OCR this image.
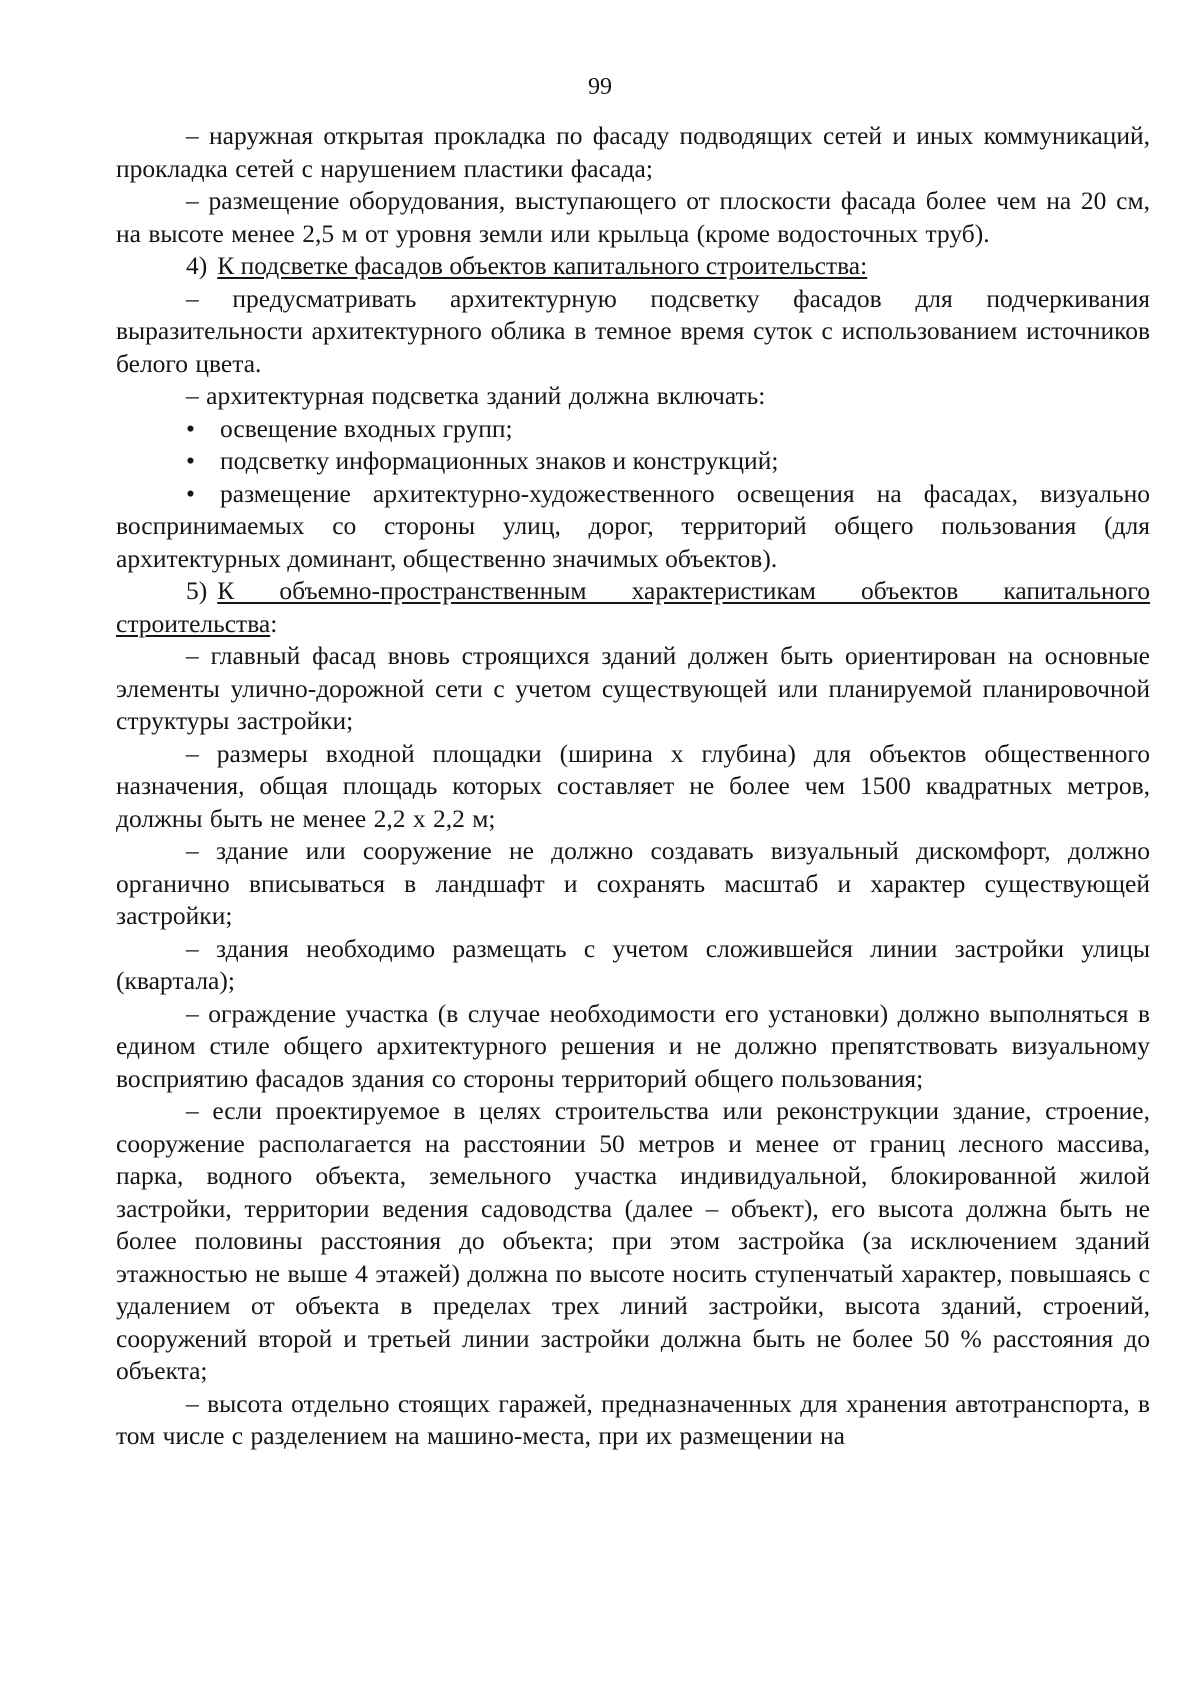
99

– наружная открытая прокладка по фасаду подводящих сетей и иных коммуникаций, прокладка сетей с нарушением пластики фасада;

– размещение оборудования, выступающего от плоскости фасада более чем на 20 см, на высоте менее 2,5 м от уровня земли или крыльца (кроме водосточных труб).

4) К подсветке фасадов объектов капитального строительства:

– предусматривать архитектурную подсветку фасадов для подчеркивания выразительности архитектурного облика в темное время суток с использованием источников белого цвета.

– архитектурная подсветка зданий должна включать:

• освещение входных групп;

• подсветку информационных знаков и конструкций;

• размещение архитектурно-художественного освещения на фасадах, визуально воспринимаемых со стороны улиц, дорог, территорий общего пользования (для архитектурных доминант, общественно значимых объектов).

5) К объемно-пространственным характеристикам объектов капитального строительства:

– главный фасад вновь строящихся зданий должен быть ориентирован на основные элементы улично-дорожной сети с учетом существующей или планируемой планировочной структуры застройки;

– размеры входной площадки (ширина х глубина) для объектов общественного назначения, общая площадь которых составляет не более чем 1500 квадратных метров, должны быть не менее 2,2 х 2,2 м;

– здание или сооружение не должно создавать визуальный дискомфорт, должно органично вписываться в ландшафт и сохранять масштаб и характер существующей застройки;

– здания необходимо размещать с учетом сложившейся линии застройки улицы (квартала);

– ограждение участка (в случае необходимости его установки) должно выполняться в едином стиле общего архитектурного решения и не должно препятствовать визуальному восприятию фасадов здания со стороны территорий общего пользования;

– если проектируемое в целях строительства или реконструкции здание, строение, сооружение располагается на расстоянии 50 метров и менее от границ лесного массива, парка, водного объекта, земельного участка индивидуальной, блокированной жилой застройки, территории ведения садоводства (далее – объект), его высота должна быть не более половины расстояния до объекта; при этом застройка (за исключением зданий этажностью не выше 4 этажей) должна по высоте носить ступенчатый характер, повышаясь с удалением от объекта в пределах трех линий застройки, высота зданий, строений, сооружений второй и третьей линии застройки должна быть не более 50 % расстояния до объекта;

– высота отдельно стоящих гаражей, предназначенных для хранения автотранспорта, в том числе с разделением на машино-места, при их размещении на
